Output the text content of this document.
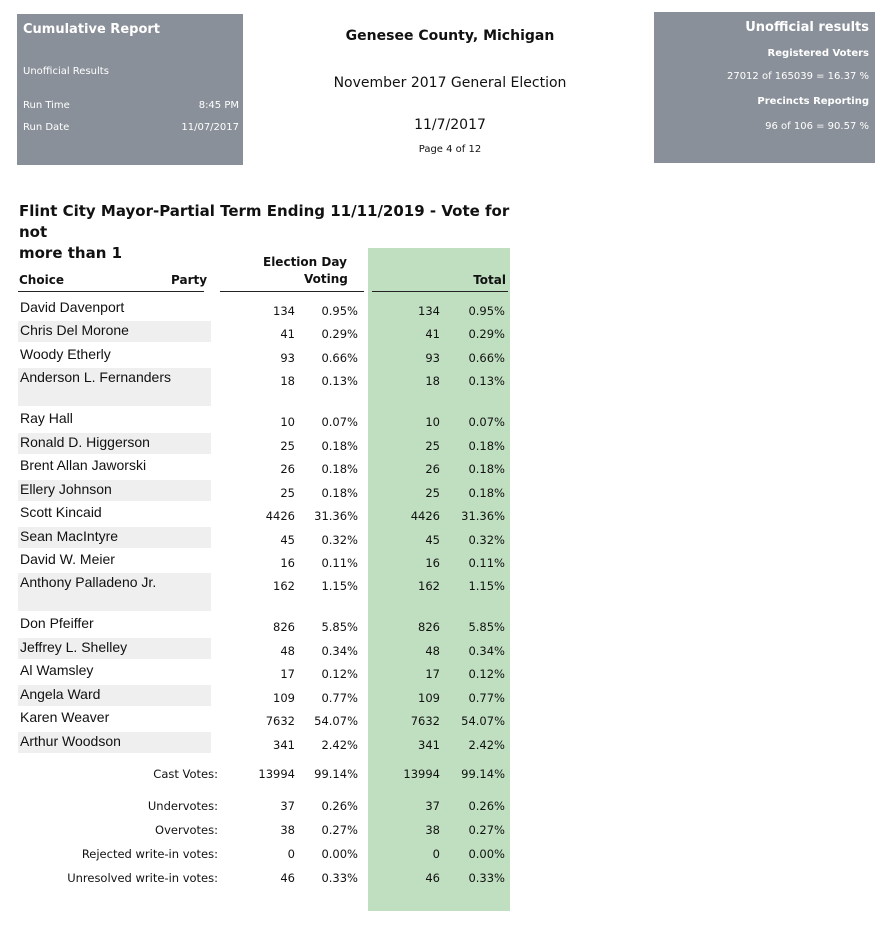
Cumulative Report
Unofficial Results
Run Time	8:45 PM
Run Date	11/07/2017
Genesee County, Michigan
November 2017 General Election
11/7/2017
Page 4 of 12
Unofficial results
Registered Voters
27012 of 165039 = 16.37 %
Precincts Reporting
96 of 106 = 90.57 %
Flint City Mayor-Partial Term Ending 11/11/2019 - Vote for not
more than 1
Choice	Party
Election Day
Voting	Total
David Davenport	134 0.95%	134 0.95%
Chris Del Morone	41 0.29%	41 0.29%
Woody Etherly	93 0.66%	93 0.66%
Anderson L. Fernanders	18 0.13%	18 0.13%
Ray Hall	10 0.07%	10 0.07%
Ronald D. Higgerson	25 0.18%	25 0.18%
Brent Allan Jaworski	26 0.18%	26 0.18%
Ellery Johnson	25 0.18%	25 0.18%
Scott Kincaid	4426 31.36%	4426 31.36%
Sean MacIntyre	45 0.32%	45 0.32%
David W. Meier	16 0.11%	16 0.11%
Anthony Palladeno Jr.	162 1.15%	162 1.15%
Don Pfeiffer	826 5.85%	826 5.85%
Jeffrey L. Shelley	48 0.34%	48 0.34%
Al Wamsley	17 0.12%	17 0.12%
Angela Ward	109 0.77%	109 0.77%
Karen Weaver	7632 54.07%	7632 54.07%
Arthur Woodson	341 2.42%	341 2.42%
Cast Votes:	13994 99.14%	13994 99.14%
Undervotes:	37 0.26%	37 0.26%
Overvotes:	38 0.27%	38 0.27%
Rejected write-in votes:	0 0.00%	0 0.00%
Unresolved write-in votes:	46 0.33%	46 0.33%
